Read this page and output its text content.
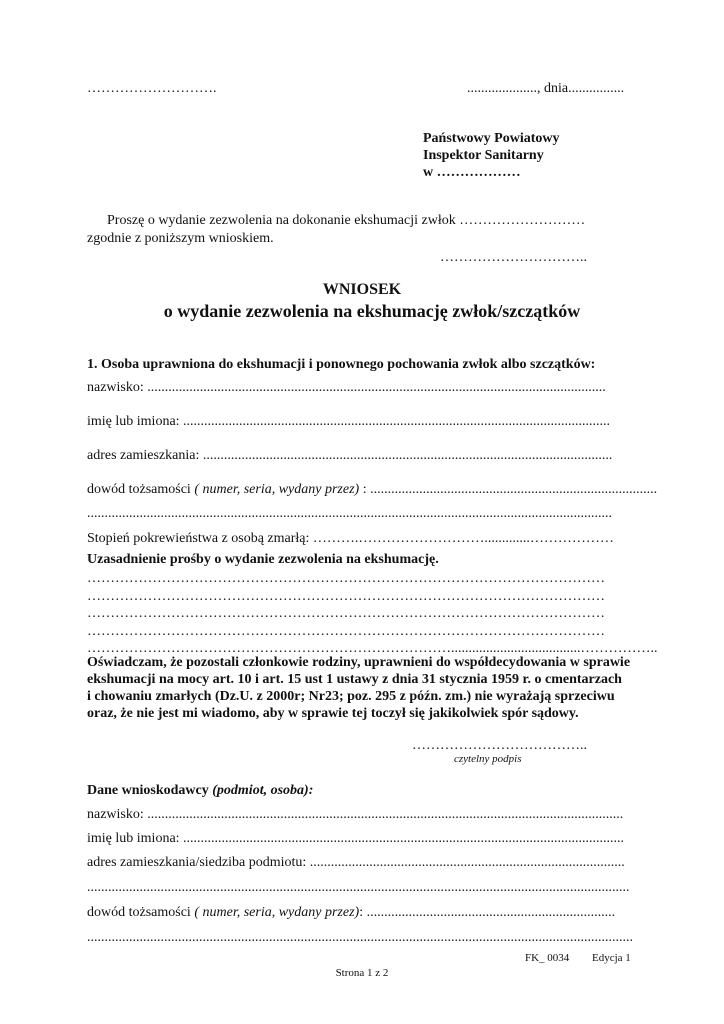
……………………….	...................., dnia................
Państwowy Powiatowy
Inspektor Sanitarny
w ………………
Proszę o wydanie zezwolenia na dokonanie ekshumacji zwłok ………………………
zgodnie z poniższym wnioskiem.
…………………………..
WNIOSEK
o wydanie zezwolenia na ekshumację zwłok/szczątków
1. Osoba uprawniona do ekshumacji i ponownego pochowania zwłok albo szczątków:
nazwisko: ...................................................................................................................................
imię lub imiona: ..........................................................................................................................
adres zamieszkania: .....................................................................................................................
dowód tożsamości ( numer, seria, wydany przez) : ..................................................................................
......................................................................................................................................................
Stopień pokrewieństwa z osobą zmarłą: ……….……………………….............………………
Uzasadnienie prośby o wydanie zezwolenia na ekshumację.
…………………………………………………………………………………………………
…………………………………………………………………………………………………
…………………………………………………………………………………………………
…………………………………………………………………………………………………
…………………………………………………………………….....................................……………..
Oświadczam, że pozostali członkowie rodziny, uprawnieni do współdecydowania w sprawie
ekshumacji na mocy art. 10 i art. 15 ust 1 ustawy z dnia 31 stycznia 1959 r. o cmentarzach
i chowaniu zmarłych (Dz.U. z 2000r; Nr23; poz. 295 z późn. zm.) nie wyrażają sprzeciwu
oraz, że nie jest mi wiadomo, aby w sprawie tej toczył się jakikolwiek spór sądowy.
………………………………..
czytelny podpis
Dane wnioskodawcy (podmiot, osoba):
nazwisko: ........................................................................................................................................
imię lub imiona: ..............................................................................................................................
adres zamieszkania/siedziba podmiotu: ..........................................................................................
...........................................................................................................................................................
dowód tożsamości ( numer, seria, wydany przez): .......................................................................
............................................................................................................................................................
FK_ 0034 Edycja 1
Strona 1 z 2
